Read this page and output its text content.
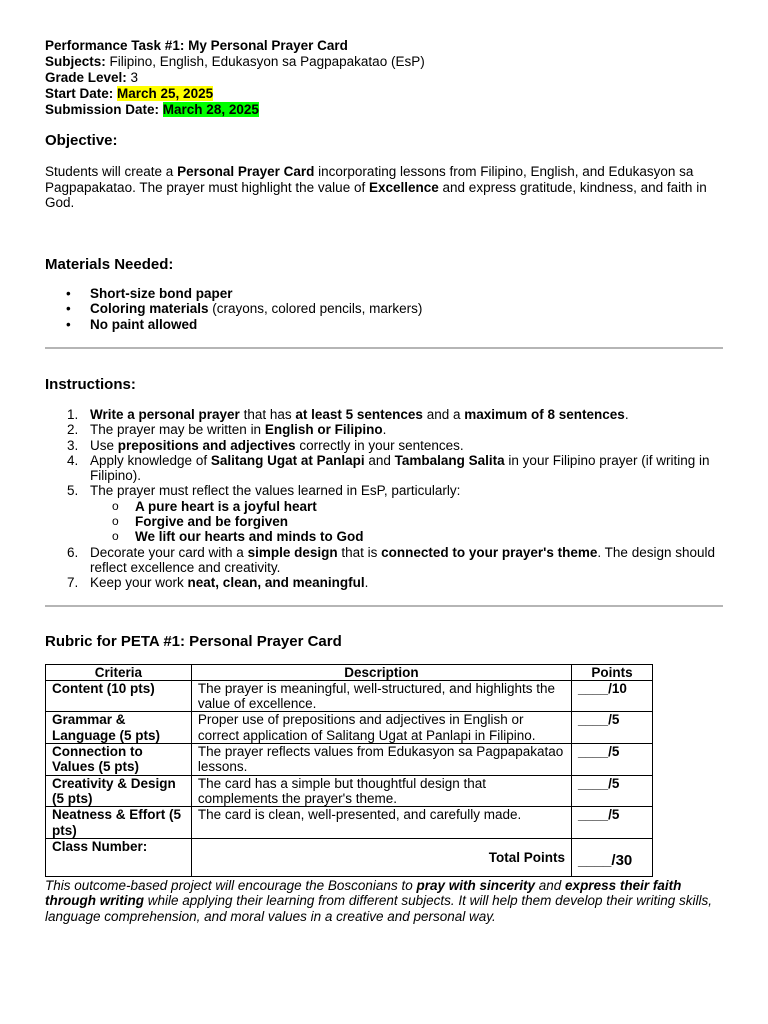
Performance Task #1: My Personal Prayer Card

Subjects: Filipino, English, Edukasyon sa Pagpapakatao (EsP)

Grade Level: 3

Start Date: March 25, 2025

Submission Date: March 28, 2025

Objective:

Students will create a Personal Prayer Card incorporating lessons from Filipino, English, and Edukasyon sa Pagpapakatao. The prayer must highlight the value of Excellence and express gratitude, kindness, and faith in God.

Materials Needed:
• Short-size bond paper
• Coloring materials (crayons, colored pencils, markers)
• No paint allowed
Instructions:
1. Write a personal prayer that has at least 5 sentences and a maximum of 8 sentences.
2. The prayer may be written in English or Filipino.
3. Use prepositions and adjectives correctly in your sentences.
4. Apply knowledge of Salitang Ugat at Panlapi and Tambalang Salita in your Filipino prayer (if writing in Filipino).
5. The prayer must reflect the values learned in EsP, particularly:
o A pure heart is a joyful heart
o Forgive and be forgiven
o We lift our hearts and minds to God
6. Decorate your card with a simple design that is connected to your prayer's theme. The design should reflect excellence and creativity.
7. Keep your work neat, clean, and meaningful.
Rubric for PETA #1: Personal Prayer Card
Criteria	Description	Points
Content (10 pts)	The prayer is meaningful, well-structured, and highlights the value of excellence.	____/10
Grammar & Language (5 pts)	Proper use of prepositions and adjectives in English or correct application of Salitang Ugat at Panlapi in Filipino.	____/5
Connection to Values (5 pts)	The prayer reflects values from Edukasyon sa Pagpapakatao lessons.	____/5
Creativity & Design (5 pts)	The card has a simple but thoughtful design that complements the prayer's theme.	____/5
Neatness & Effort (5 pts)	The card is clean, well-presented, and carefully made.	____/5
Class Number:	Total Points	____/30

This outcome-based project will encourage the Bosconians to pray with sincerity and express their faith through writing while applying their learning from different subjects. It will help them develop their writing skills, language comprehension, and moral values in a creative and personal way.
